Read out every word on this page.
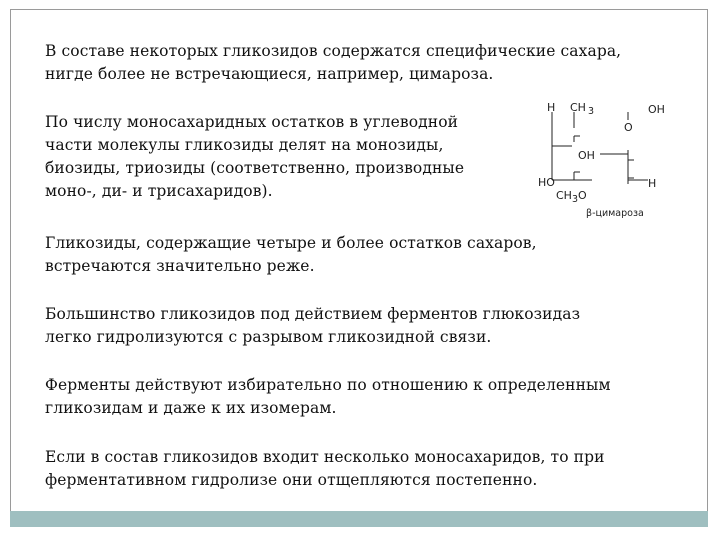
В составе некоторых гликозидов содержатся специфические сахара,
нигде более не встречающиеся, например, цимароза.

По числу моносахаридных остатков в углеводной
части молекулы гликозиды делят на монозиды,
биозиды, триозиды (соответственно, производные
моно-, ди- и трисахаридов).

H CH 3	OH
O
OH
H
HO
CH 3 O
β-цимароза

Гликозиды, содержащие четыре и более остатков сахаров,
встречаются значительно реже.

Большинство гликозидов под действием ферментов глюкозидаз
легко гидролизуются с разрывом гликозидной связи.

Ферменты действуют избирательно по отношению к определенным
гликозидам и даже к их изомерам.

Если в состав гликозидов входит несколько моносахаридов, то при
ферментативном гидролизе они отщепляются постепенно.
